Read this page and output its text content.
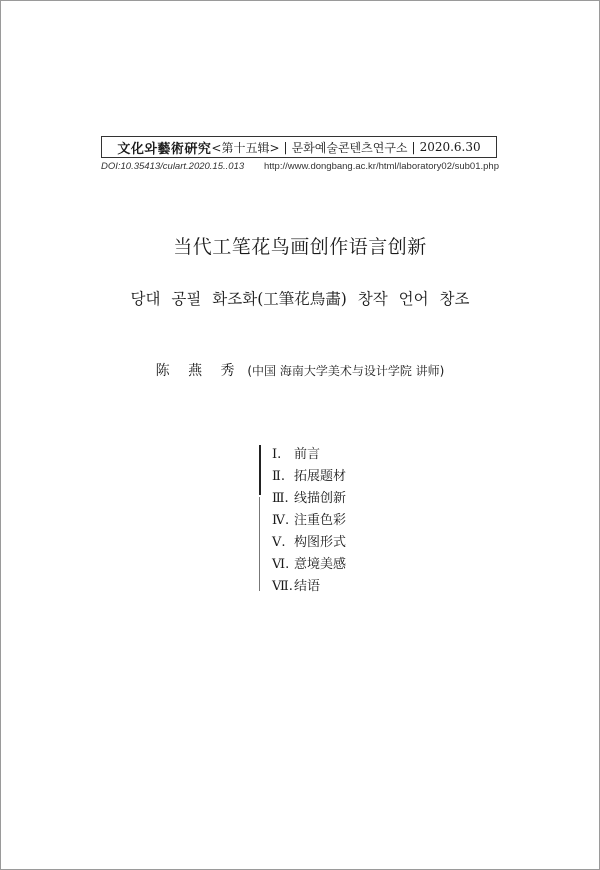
文化와藝術硏究 <第十五辑> | 문화예술콘텐츠연구소 | 2020.6.30
DOI:10.35413/culart.2020.15..013 http://www.dongbang.ac.kr/html/laboratory02/sub01.php
当代工笔花鸟画创作语言创新
당대 공필 화조화(工筆花鳥畵) 창작 언어 창조
陈 燕 秀 (中国 海南大学美术与设计学院 讲师)
Ⅰ. 前言
Ⅱ. 拓展题材
Ⅲ. 线描创新
Ⅳ. 注重色彩
Ⅴ. 构图形式
Ⅵ. 意境美感
Ⅶ.结语
